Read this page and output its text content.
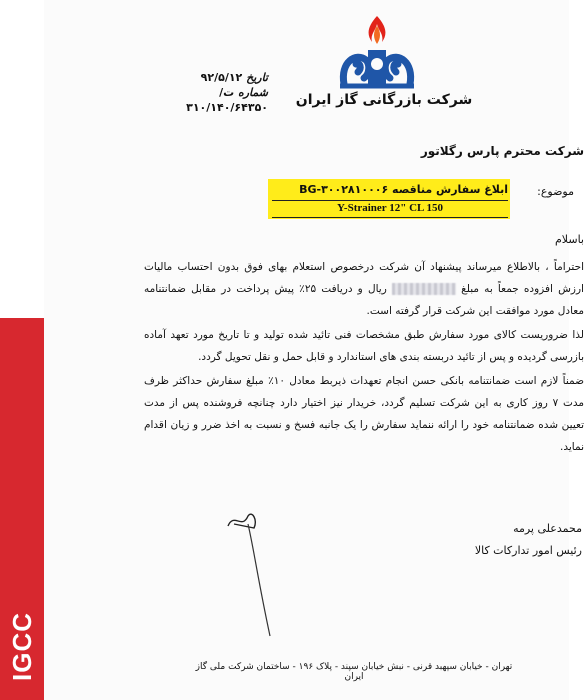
IGCC
شرکت بازرگانی گاز ایران
تاریخ ۹۲/۵/۱۲
شماره ت/۳۱۰/۱۴۰/۶۴۳۵۰
شرکت محترم پارس رگلاتور
موضوع:
ابلاغ سفارش مناقصه BG-۳۰۰۲۸۱۰۰۰۶
Y-Strainer 12" CL 150
باسلام

احتراماً ، بالاطلاع میرساند پیشنهاد آن شرکت درخصوص استعلام بهای فوق بدون احتساب مالیات ارزش افزوده جمعاً به مبلغ  ریال و دریافت ۲۵٪ پیش پرداخت در مقابل ضمانتنامه معادل مورد موافقت این شرکت قرار گرفته است.

لذا ضروریست کالای مورد سفارش طبق مشخصات فنی تائید شده تولید و تا تاریخ مورد تعهد آماده بازرسی گردیده و پس از تائید دربسته بندی های استاندارد و قابل حمل و نقل تحویل گردد.

ضمناً لازم است ضمانتنامه بانکی حسن انجام تعهدات ذیربط معادل ۱۰٪ مبلغ سفارش حداکثر ظرف مدت ۷ روز کاری به این شرکت تسلیم گردد، خریدار نیز اختیار دارد چنانچه فروشنده پس از مدت تعیین شده ضمانتنامه خود را ارائه ننماید سفارش را یک جانبه فسخ و نسبت به اخذ ضرر و زیان اقدام نماید.

محمدعلی پرمه
رئیس امور تدارکات کالا
تهران - خیابان سپهبد قرنی - نبش خیابان سپند - پلاک ۱۹۶ - ساختمان شرکت ملی گاز ایران
